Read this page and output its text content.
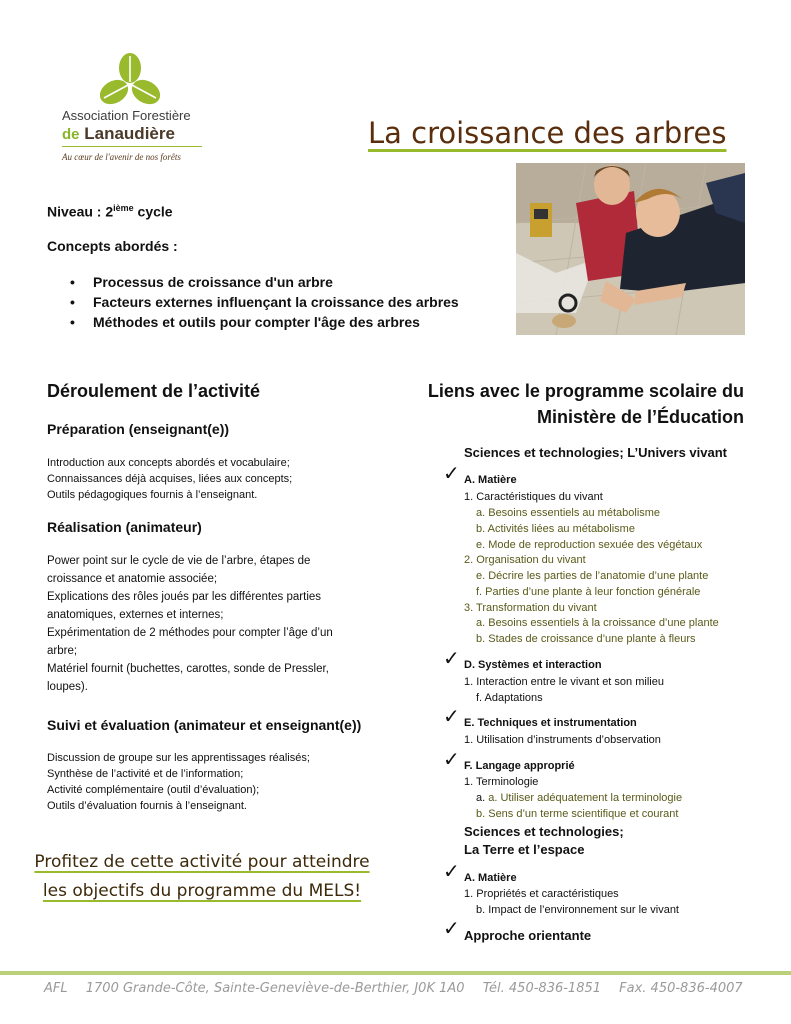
Association Forestière
de Lanaudière
Au cœur de l'avenir de nos forêts
La croissance des arbres
Niveau : 2ième cycle
Concepts abordés :
• Processus de croissance d'un arbre
• Facteurs externes influençant la croissance des arbres
• Méthodes et outils pour compter l'âge des arbres
Déroulement de l’activité
Préparation (enseignant(e))
Introduction aux concepts abordés et vocabulaire;
Connaissances déjà acquises, liées aux concepts;
Outils pédagogiques fournis à l’enseignant.
Réalisation (animateur)
Power point sur le cycle de vie de l’arbre, étapes de
croissance et anatomie associée;
Explications des rôles joués par les différentes parties
anatomiques, externes et internes;
Expérimentation de 2 méthodes pour compter l’âge d’un
arbre;
Matériel fournit (buchettes, carottes, sonde de Pressler,
loupes).
Suivi et évaluation (animateur et enseignant(e))
Discussion de groupe sur les apprentissages réalisés;
Synthèse de l’activité et de l’information;
Activité complémentaire (outil d’évaluation);
Outils d’évaluation fournis à l’enseignant.
Profitez de cette activité pour atteindre
les objectifs du programme du MELS!
Liens avec le programme scolaire du
Ministère de l’Éducation
Sciences et technologies; L’Univers vivant
✓ A. Matière
1. Caractéristiques du vivant
a. Besoins essentiels au métabolisme
b. Activités liées au métabolisme
e. Mode de reproduction sexuée des végétaux
2. Organisation du vivant
e. Décrire les parties de l’anatomie d’une plante
f. Parties d’une plante à leur fonction générale
3. Transformation du vivant
a. Besoins essentiels à la croissance d’une plante
b. Stades de croissance d’une plante à fleurs
✓ D. Systèmes et interaction
1. Interaction entre le vivant et son milieu
f. Adaptations
✓ E. Techniques et instrumentation
1. Utilisation d’instruments d’observation
✓ F. Langage approprié
1. Terminologie
a. a. Utiliser adéquatement la terminologie
b. Sens d’un terme scientifique et courant
Sciences et technologies;
La Terre et l’espace
✓ A. Matière
1. Propriétés et caractéristiques
b. Impact de l’environnement sur le vivant
✓ Approche orientante
AFL 1700 Grande-Côte, Sainte-Geneviève-de-Berthier, J0K 1A0 Tél. 450-836-1851 Fax. 450-836-4007
